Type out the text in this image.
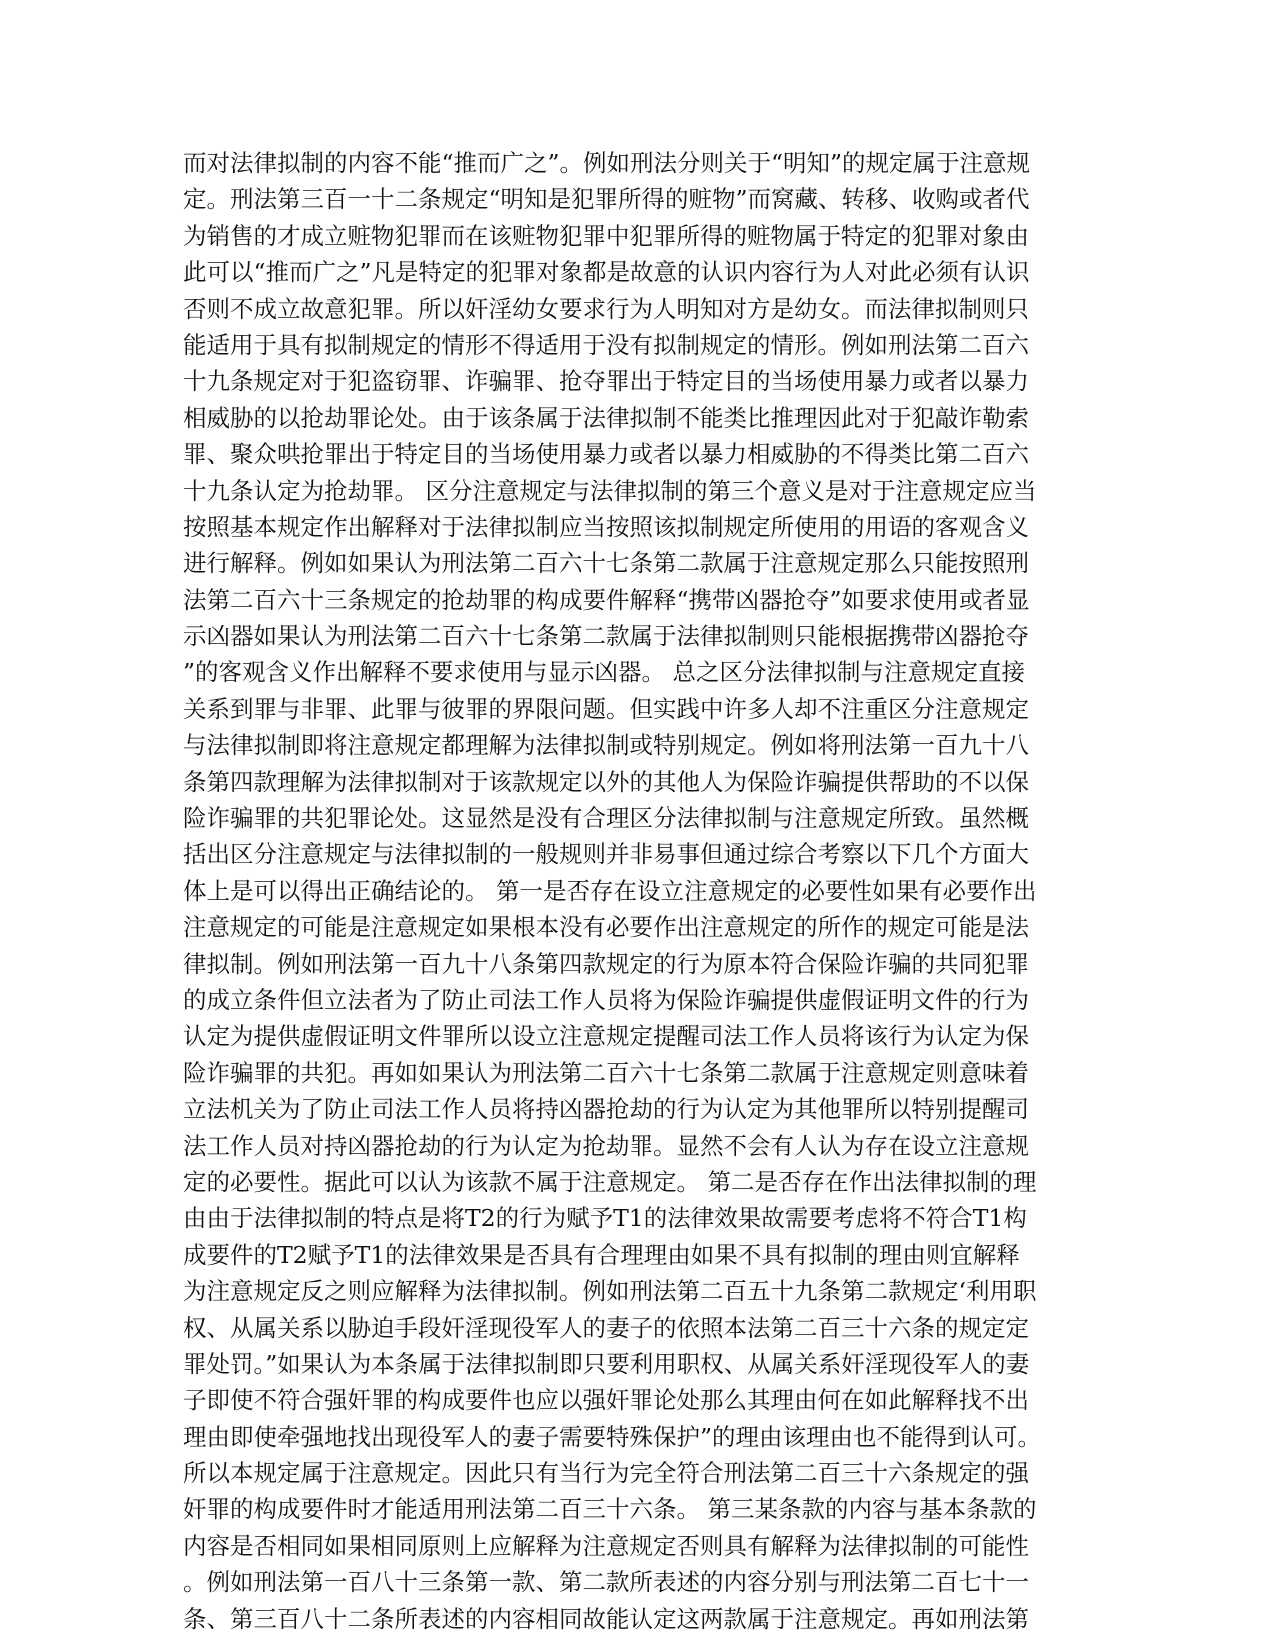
而对法律拟制的内容不能“推而广之”。例如刑法分则关于“明知”的规定属于注意规
定。刑法第三百一十二条规定“明知是犯罪所得的赃物”而窝藏、转移、收购或者代
为销售的才成立赃物犯罪而在该赃物犯罪中犯罪所得的赃物属于特定的犯罪对象由
此可以“推而广之”凡是特定的犯罪对象都是故意的认识内容行为人对此必须有认识
否则不成立故意犯罪。所以奸淫幼女要求行为人明知对方是幼女。而法律拟制则只
能适用于具有拟制规定的情形不得适用于没有拟制规定的情形。例如刑法第二百六
十九条规定对于犯盗窃罪、诈骗罪、抢夺罪出于特定目的当场使用暴力或者以暴力
相威胁的以抢劫罪论处。由于该条属于法律拟制不能类比推理因此对于犯敲诈勒索
罪、聚众哄抢罪出于特定目的当场使用暴力或者以暴力相威胁的不得类比第二百六
十九条认定为抢劫罪。 区分注意规定与法律拟制的第三个意义是对于注意规定应当
按照基本规定作出解释对于法律拟制应当按照该拟制规定所使用的用语的客观含义
进行解释。例如如果认为刑法第二百六十七条第二款属于注意规定那么只能按照刑
法第二百六十三条规定的抢劫罪的构成要件解释“携带凶器抢夺”如要求使用或者显
示凶器如果认为刑法第二百六十七条第二款属于法律拟制则只能根据携带凶器抢夺
”的客观含义作出解释不要求使用与显示凶器。 总之区分法律拟制与注意规定直接
关系到罪与非罪、此罪与彼罪的界限问题。但实践中许多人却不注重区分注意规定
与法律拟制即将注意规定都理解为法律拟制或特别规定。例如将刑法第一百九十八
条第四款理解为法律拟制对于该款规定以外的其他人为保险诈骗提供帮助的不以保
险诈骗罪的共犯罪论处。这显然是没有合理区分法律拟制与注意规定所致。虽然概
括出区分注意规定与法律拟制的一般规则并非易事但通过综合考察以下几个方面大
体上是可以得出正确结论的。 第一是否存在设立注意规定的必要性如果有必要作出
注意规定的可能是注意规定如果根本没有必要作出注意规定的所作的规定可能是法
律拟制。例如刑法第一百九十八条第四款规定的行为原本符合保险诈骗的共同犯罪
的成立条件但立法者为了防止司法工作人员将为保险诈骗提供虚假证明文件的行为
认定为提供虚假证明文件罪所以设立注意规定提醒司法工作人员将该行为认定为保
险诈骗罪的共犯。再如如果认为刑法第二百六十七条第二款属于注意规定则意味着
立法机关为了防止司法工作人员将持凶器抢劫的行为认定为其他罪所以特别提醒司
法工作人员对持凶器抢劫的行为认定为抢劫罪。显然不会有人认为存在设立注意规
定的必要性。据此可以认为该款不属于注意规定。 第二是否存在作出法律拟制的理
由由于法律拟制的特点是将T2的行为赋予T1的法律效果故需要考虑将不符合T1构
成要件的T2赋予T1的法律效果是否具有合理理由如果不具有拟制的理由则宜解释
为注意规定反之则应解释为法律拟制。例如刑法第二百五十九条第二款规定‘利用职
权、从属关系以胁迫手段奸淫现役军人的妻子的依照本法第二百三十六条的规定定
罪处罚。”如果认为本条属于法律拟制即只要利用职权、从属关系奸淫现役军人的妻
子即使不符合强奸罪的构成要件也应以强奸罪论处那么其理由何在如此解释找不出
理由即使牵强地找出现役军人的妻子需要特殊保护”的理由该理由也不能得到认可。
所以本规定属于注意规定。因此只有当行为完全符合刑法第二百三十六条规定的强
奸罪的构成要件时才能适用刑法第二百三十六条。 第三某条款的内容与基本条款的
内容是否相同如果相同原则上应解释为注意规定否则具有解释为法律拟制的可能性
。例如刑法第一百八十三条第一款、第二款所表述的内容分别与刑法第二百七十一
条、第三百八十二条所表述的内容相同故能认定这两款属于注意规定。再如刑法第
